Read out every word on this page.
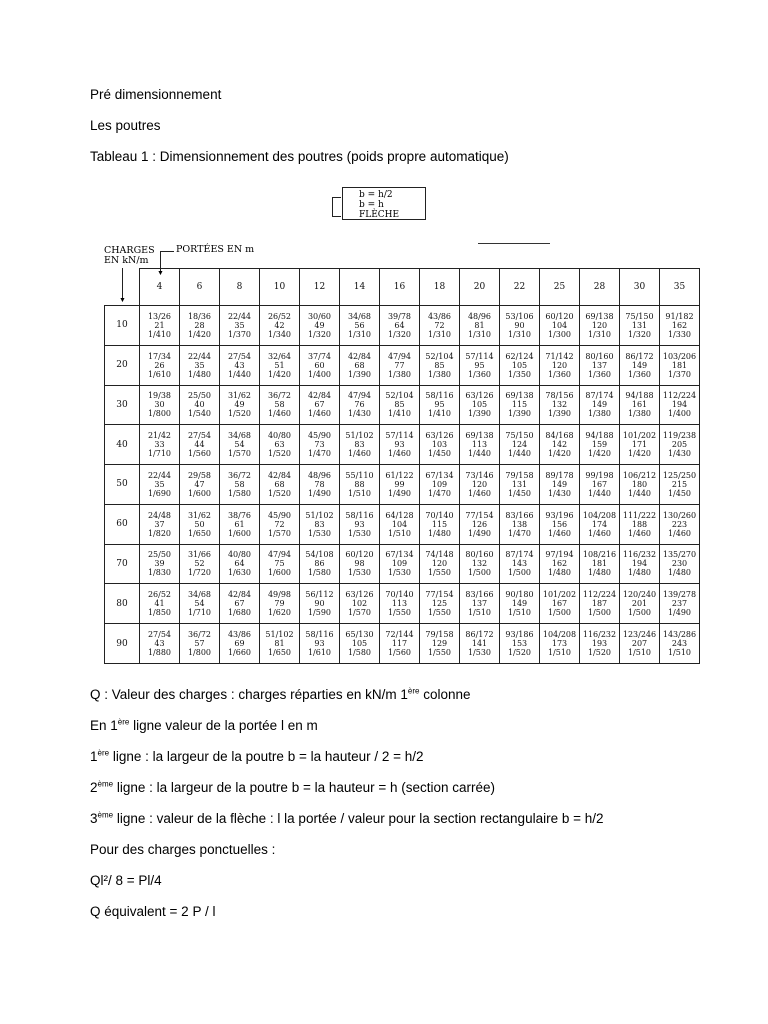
Pré dimensionnement
Les poutres
Tableau 1 : Dimensionnement des poutres (poids propre automatique)
b = h/2
b = h
FLÈCHE
CHARGES
EN kN/m
PORTÉES EN m
▼
▼
	4	6	8	10	12	14	16	18	20	22	25	28	30	35
10	13/26
21
1/410	18/36
28
1/420	22/44
35
1/370	26/52
42
1/340	30/60
49
1/320	34/68
56
1/310	39/78
64
1/320	43/86
72
1/310	48/96
81
1/310	53/106
90
1/310	60/120
104
1/300	69/138
120
1/310	75/150
131
1/320	91/182
162
1/330

20	17/34
26
1/610	22/44
35
1/480	27/54
43
1/440	32/64
51
1/420	37/74
60
1/400	42/84
68
1/390	47/94
77
1/380	52/104
85
1/380	57/114
95
1/360	62/124
105
1/350	71/142
120
1/360	80/160
137
1/360	86/172
149
1/360	103/206
181
1/370

30	19/38
30
1/800	25/50
40
1/540	31/62
49
1/520	36/72
58
1/460	42/84
67
1/460	47/94
76
1/430	52/104
85
1/410	58/116
95
1/410	63/126
105
1/390	69/138
115
1/390	78/156
132
1/390	87/174
149
1/380	94/188
161
1/380	112/224
194
1/400

40	21/42
33
1/710	27/54
44
1/560	34/68
54
1/570	40/80
63
1/520	45/90
73
1/470	51/102
83
1/460	57/114
93
1/460	63/126
103
1/450	69/138
113
1/440	75/150
124
1/440	84/168
142
1/420	94/188
159
1/420	101/202
171
1/420	119/238
205
1/430

50	22/44
35
1/690	29/58
47
1/600	36/72
58
1/580	42/84
68
1/520	48/96
78
1/490	55/110
88
1/510	61/122
99
1/490	67/134
109
1/470	73/146
120
1/460	79/158
131
1/450	89/178
149
1/430	99/198
167
1/440	106/212
180
1/440	125/250
215
1/450

60	24/48
37
1/820	31/62
50
1/650	38/76
61
1/600	45/90
72
1/570	51/102
83
1/530	58/116
93
1/530	64/128
104
1/510	70/140
115
1/480	77/154
126
1/490	83/166
138
1/470	93/196
156
1/460	104/208
174
1/460	111/222
188
1/460	130/260
223
1/460

70	25/50
39
1/830	31/66
52
1/720	40/80
64
1/630	47/94
75
1/600	54/108
86
1/580	60/120
98
1/530	67/134
109
1/530	74/148
120
1/550	80/160
132
1/500	87/174
143
1/500	97/194
162
1/480	108/216
181
1/480	116/232
194
1/480	135/270
230
1/480

80	26/52
41
1/850	34/68
54
1/710	42/84
67
1/680	49/98
79
1/620	56/112
90
1/590	63/126
102
1/570	70/140
113
1/550	77/154
125
1/550	83/166
137
1/510	90/180
149
1/510	101/202
167
1/500	112/224
187
1/500	120/240
201
1/500	139/278
237
1/490

90	27/54
43
1/880	36/72
57
1/800	43/86
69
1/660	51/102
81
1/650	58/116
93
1/610	65/130
105
1/580	72/144
117
1/560	79/158
129
1/550	86/172
141
1/530	93/186
153
1/520	104/208
173
1/510	116/232
193
1/520	123/246
207
1/510	143/286
243
1/510
Q : Valeur des charges : charges réparties en kN/m 1ère colonne
En 1ère ligne valeur de la portée l en m
1ère ligne : la largeur de la poutre b = la hauteur / 2 = h/2
2ème ligne : la largeur de la poutre b = la hauteur = h (section carrée)
3ème ligne : valeur de la flèche : l la portée / valeur pour la section rectangulaire b = h/2
Pour des charges ponctuelles :
Ql²/ 8 = Pl/4
Q équivalent = 2 P / l
